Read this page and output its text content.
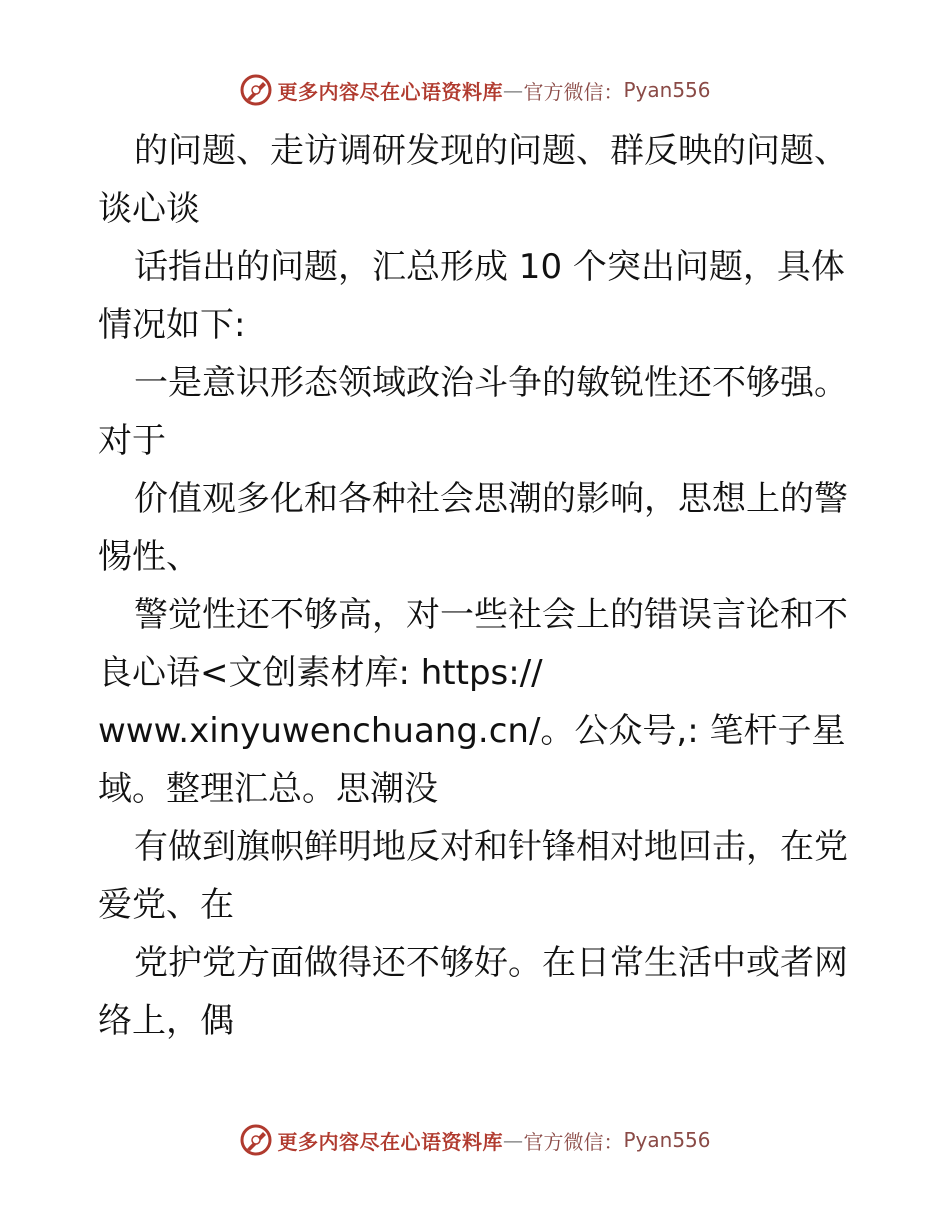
更多内容尽在心语资料库 — 官方微信： Pyan556
的问题、走访调研发现的问题、群反映的问题、
谈心谈
话指出的问题，汇总形成 10 个突出问题，具体
情况如下:
一是意识形态领域政治斗争的敏锐性还不够强。
对于
价值观多化和各种社会思潮的影响，思想上的警
惕性、
警觉性还不够高，对一些社会上的错误言论和不
良心语<文创素材库: https://
www.xinyuwenchuang.cn/。公众号,: 笔杆子星
域。整理汇总。思潮没
有做到旗帜鲜明地反对和针锋相对地回击，在党
爱党、在
党护党方面做得还不够好。在日常生活中或者网
络上，偶
更多内容尽在心语资料库 — 官方微信： Pyan556
